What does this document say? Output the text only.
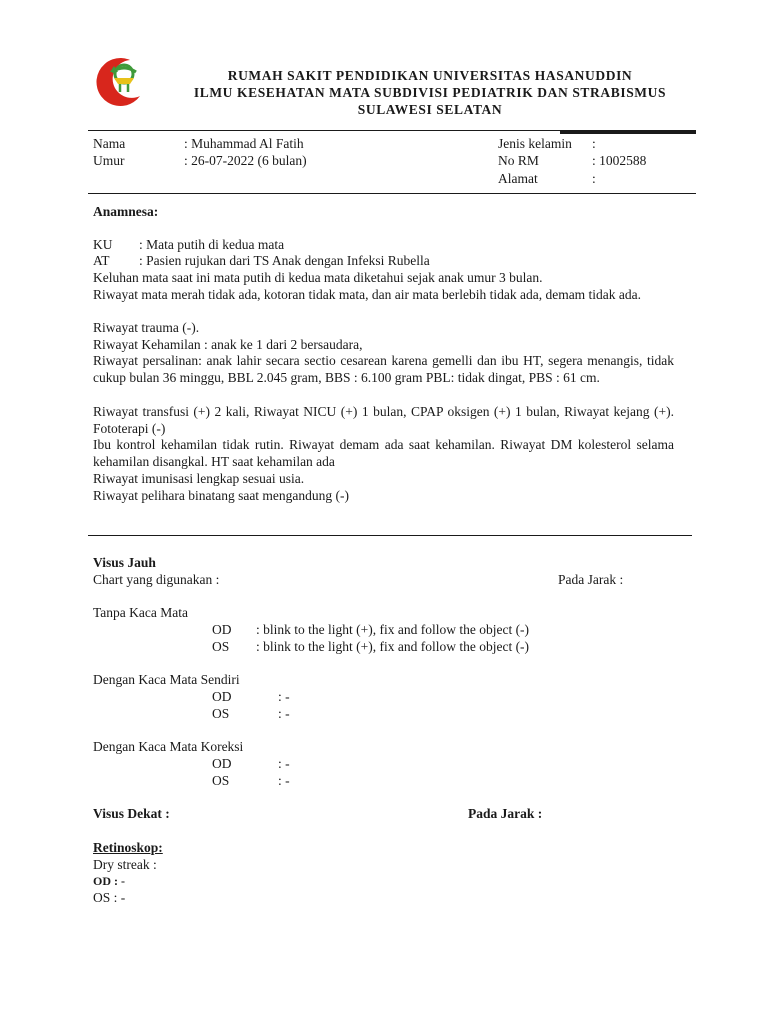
RUMAH SAKIT PENDIDIKAN UNIVERSITAS HASANUDDIN
ILMU KESEHATAN MATA SUBDIVISI PEDIATRIK DAN STRABISMUS
SULAWESI SELATAN
Nama	: Muhammad Al Fatih
Umur	: 26-07-2022 (6 bulan)
Jenis kelamin :
No RM	: 1002588
Alamat	:
Anamnesa:
KU : Mata putih di kedua mata
AT : Pasien rujukan dari TS Anak dengan Infeksi Rubella
Keluhan mata saat ini mata putih di kedua mata diketahui sejak anak umur 3 bulan.
Riwayat mata merah tidak ada, kotoran tidak mata, dan air mata berlebih tidak ada, demam tidak ada.
Riwayat trauma (-).
Riwayat Kehamilan : anak ke 1 dari 2 bersaudara,
Riwayat persalinan: anak lahir secara sectio cesarean karena gemelli dan ibu HT, segera menangis, tidak cukup bulan 36 minggu, BBL 2.045 gram, BBS : 6.100 gram PBL: tidak dingat, PBS : 61 cm.
Riwayat transfusi (+) 2 kali, Riwayat NICU (+) 1 bulan, CPAP oksigen (+) 1 bulan, Riwayat kejang (+). Fototerapi (-)
Ibu kontrol kehamilan tidak rutin. Riwayat demam ada saat kehamilan. Riwayat DM kolesterol selama kehamilan disangkal. HT saat kehamilan ada
Riwayat imunisasi lengkap sesuai usia.
Riwayat pelihara binatang saat mengandung (-)
Visus Jauh
Chart yang digunakan :	Pada Jarak :
Tanpa Kaca Mata
OD : blink to the light (+), fix and follow the object (-)
OS : blink to the light (+), fix and follow the object (-)
Dengan Kaca Mata Sendiri
OD	: -
OS	: -
Dengan Kaca Mata Koreksi
OD	: -
OS	: -
Visus Dekat :	Pada Jarak :
Retinoskop:
Dry streak :
OD : -
OS : -
